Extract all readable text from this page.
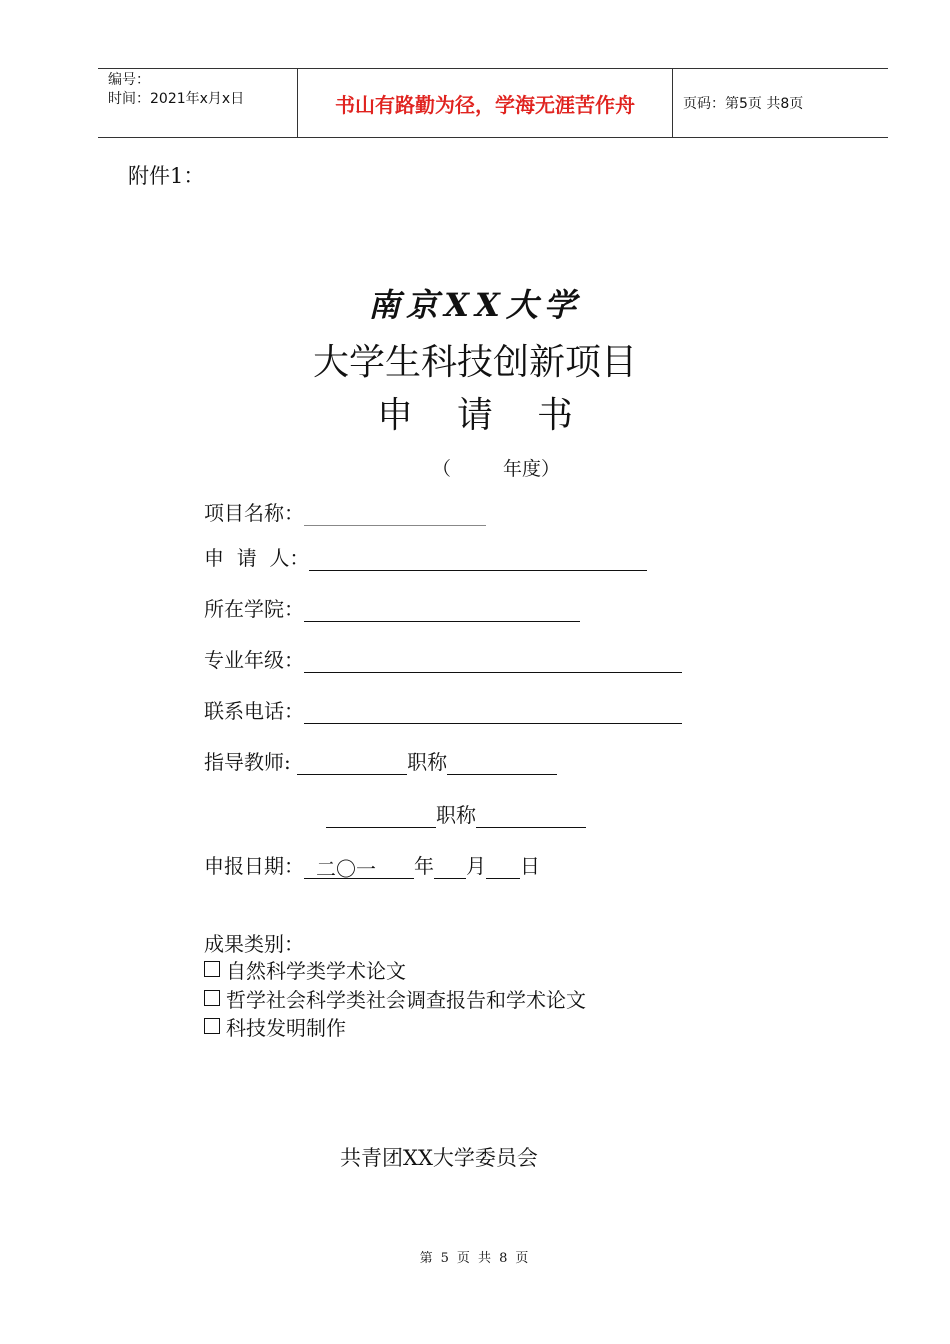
编号：
时间：2021年x月x日	书山有路勤为径，学海无涯苦作舟	页码：第5页 共8页
附件1：
南京XX大学
大学生科技创新项目
申请书
（	年度）
项目名称：
申  请  人：
所在学院：
专业年级：
联系电话：
指导教师:	职称
职称
申报日期： 二〇一	年 月 日
成果类别：
自然科学类学术论文
哲学社会科学类社会调查报告和学术论文
科技发明制作
共青团XX大学委员会
第 5 页 共 8 页
